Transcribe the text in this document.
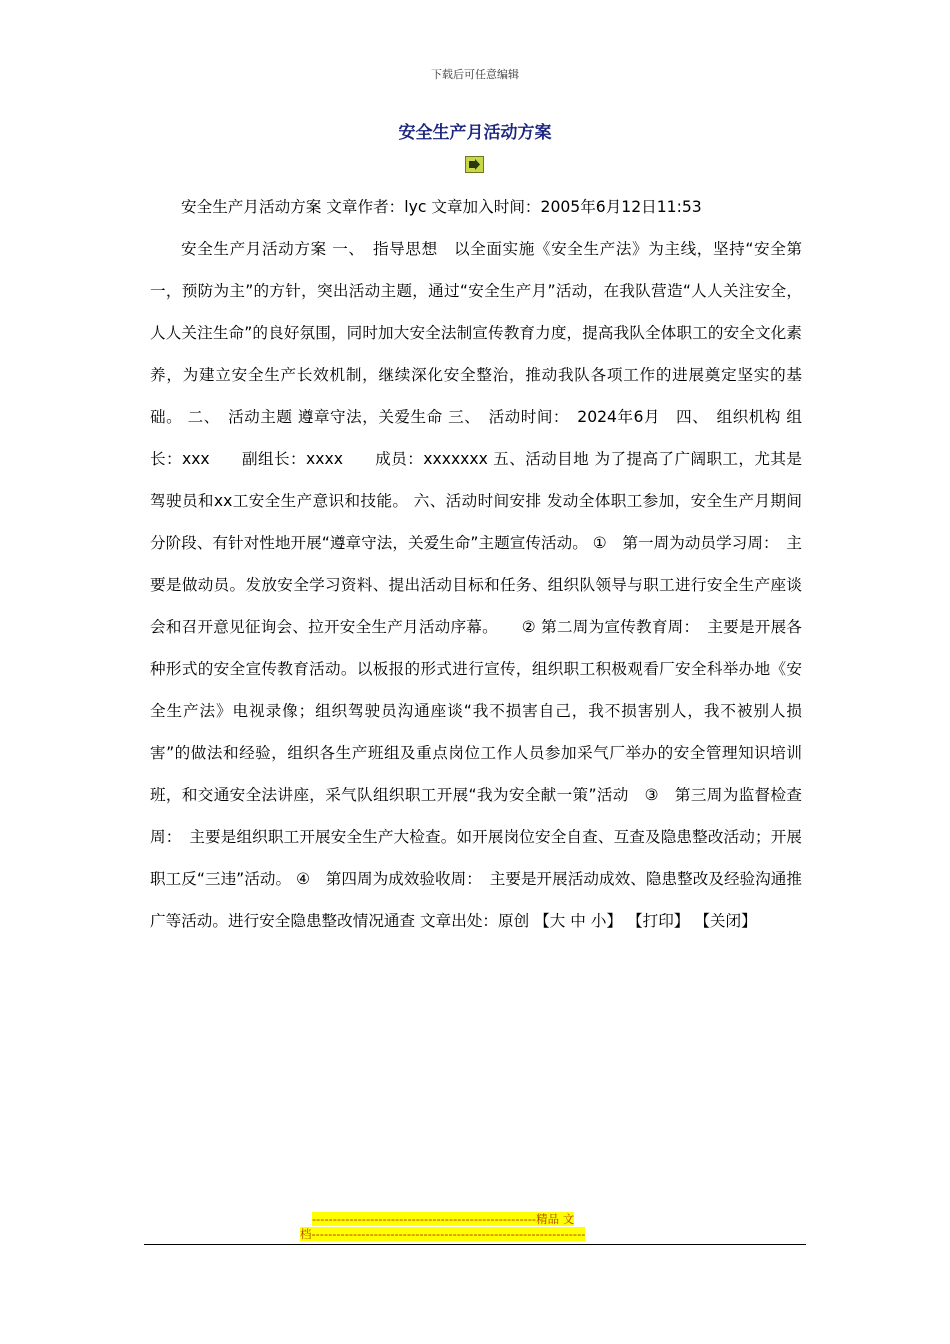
下载后可任意编辑
安全生产月活动方案

安全生产月活动方案 文章作者：lyc 文章加入时间：2005年6月12日11:53

安全生产月活动方案 一、　指导思想　以全面实施《安全生产法》为主线，坚持“安全第一，预防为主”的方针，突出活动主题，通过“安全生产月”活动，在我队营造“人人关注安全，人人关注生命”的良好氛围，同时加大安全法制宣传教育力度，提高我队全体职工的安全文化素养，为建立安全生产长效机制，继续深化安全整治，推动我队各项工作的进展奠定坚实的基础。 二、　活动主题 遵章守法，关爱生命 三、　活动时间：　2024年6月　四、　组织机构 组长：xxx　　副组长：xxxx　　成员：xxxxxxx 五、活动目地 为了提高了广阔职工，尤其是驾驶员和xx工安全生产意识和技能。 六、活动时间安排 发动全体职工参加，安全生产月期间分阶段、有针对性地开展“遵章守法，关爱生命”主题宣传活动。 ①　第一周为动员学习周：　主要是做动员。发放安全学习资料、提出活动目标和任务、组织队领导与职工进行安全生产座谈会和召开意见征询会、拉开安全生产月活动序幕。　　② 第二周为宣传教育周：　主要是开展各种形式的安全宣传教育活动。以板报的形式进行宣传，组织职工积极观看厂安全科举办地《安全生产法》电视录像；组织驾驶员沟通座谈“我不损害自己，我不损害别人，我不被别人损害”的做法和经验，组织各生产班组及重点岗位工作人员参加采气厂举办的安全管理知识培训班，和交通安全法讲座，采气队组织职工开展“我为安全献一策”活动　③　第三周为监督检查周：　主要是组织职工开展安全生产大检查。如开展岗位安全自查、互查及隐患整改活动；开展职工反“三违”活动。 ④　第四周为成效验收周：　主要是开展活动成效、隐患整改及经验沟通推广等活动。进行安全隐患整改情况通查 文章出处：原创 【大 中 小】 【打印】 【关闭】

------------------------------------------------------精品 文
档------------------------------------------------------------------
